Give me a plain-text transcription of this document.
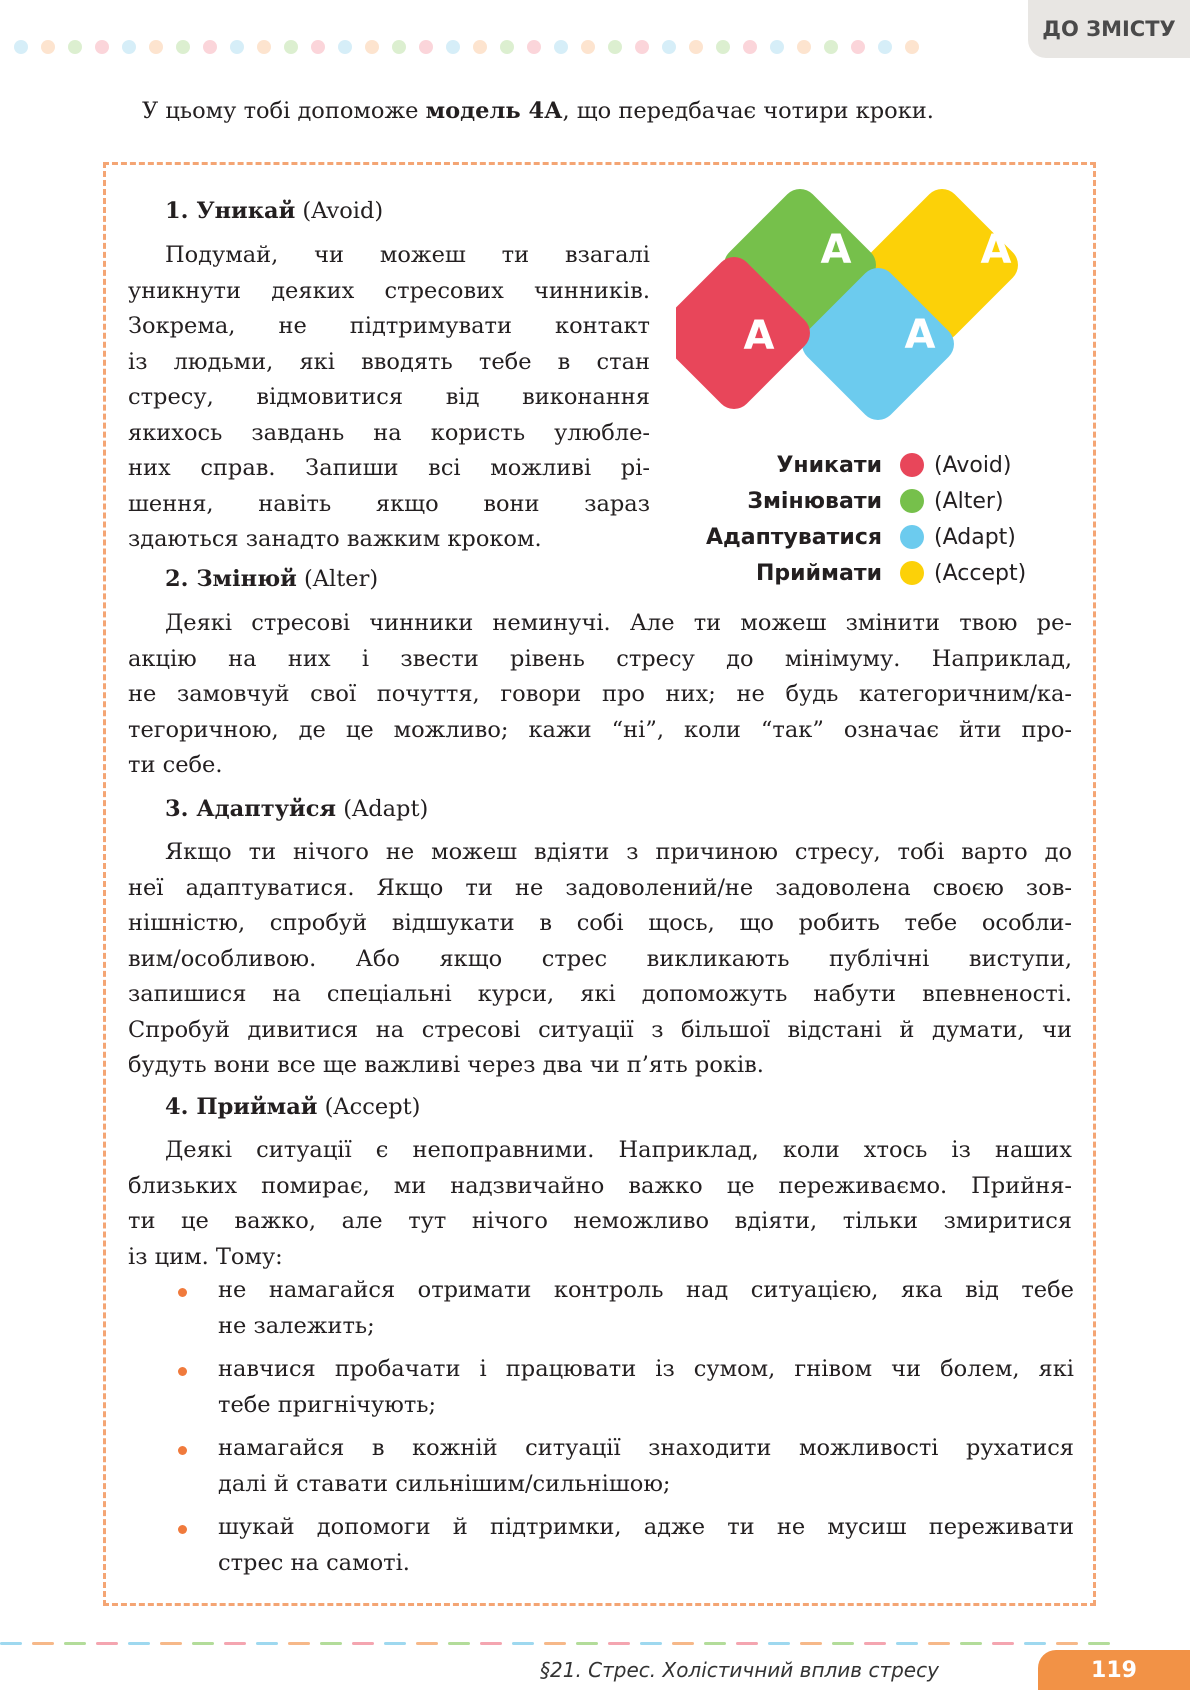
ДО ЗМІСТУ
У цьому тобі допоможе модель 4А, що передбачає чотири кроки.
1. Уникай (Avoid)
Подумай, чи можеш ти взагалі
уникнути деяких стресових чинників.
Зокрема, не підтримувати контакт
із людьми, які вводять тебе в стан
стресу, відмовитися від виконання
якихось завдань на користь улюбле-
них справ. Запиши всі можливі рі-
шення, навіть якщо вони зараз
здаються занадто важким кроком.
A
A
A
A
Уникати (Avoid)
Змінювати (Alter)
Адаптуватися (Adapt)
Приймати (Accept)
2. Змінюй (Alter)
Деякі стресові чинники неминучі. Але ти можеш змінити твою ре-
акцію на них і звести рівень стресу до мінімуму. Наприклад,
не замовчуй свої почуття, говори про них; не будь категоричним/ка-
тегоричною, де це можливо; кажи “ні”, коли “так” означає йти про-
ти себе.
3. Адаптуйся (Adapt)
Якщо ти нічого не можеш вдіяти з причиною стресу, тобі варто до
неї адаптуватися. Якщо ти не задоволений/не задоволена своєю зов-
нішністю, спробуй відшукати в собі щось, що робить тебе особли-
вим/особливою. Або якщо стрес викликають публічні виступи,
запишися на спеціальні курси, які допоможуть набути впевненості.
Спробуй дивитися на стресові ситуації з більшої відстані й думати, чи
будуть вони все ще важливі через два чи п’ять років.
4. Приймай (Accept)
Деякі ситуації є непоправними. Наприклад, коли хтось із наших
близьких помирає, ми надзвичайно важко це переживаємо. Прийня-
ти це важко, але тут нічого неможливо вдіяти, тільки змиритися
із цим. Тому:
не намагайся отримати контроль над ситуацією, яка від тебе
не залежить;
навчися пробачати і працювати із сумом, гнівом чи болем, які
тебе пригнічують;
намагайся в кожній ситуації знаходити можливості рухатися
далі й ставати сильнішим/сильнішою;
шукай допомоги й підтримки, адже ти не мусиш переживати
стрес на самоті.
§21. Стрес. Холістичний вплив стресу	119
